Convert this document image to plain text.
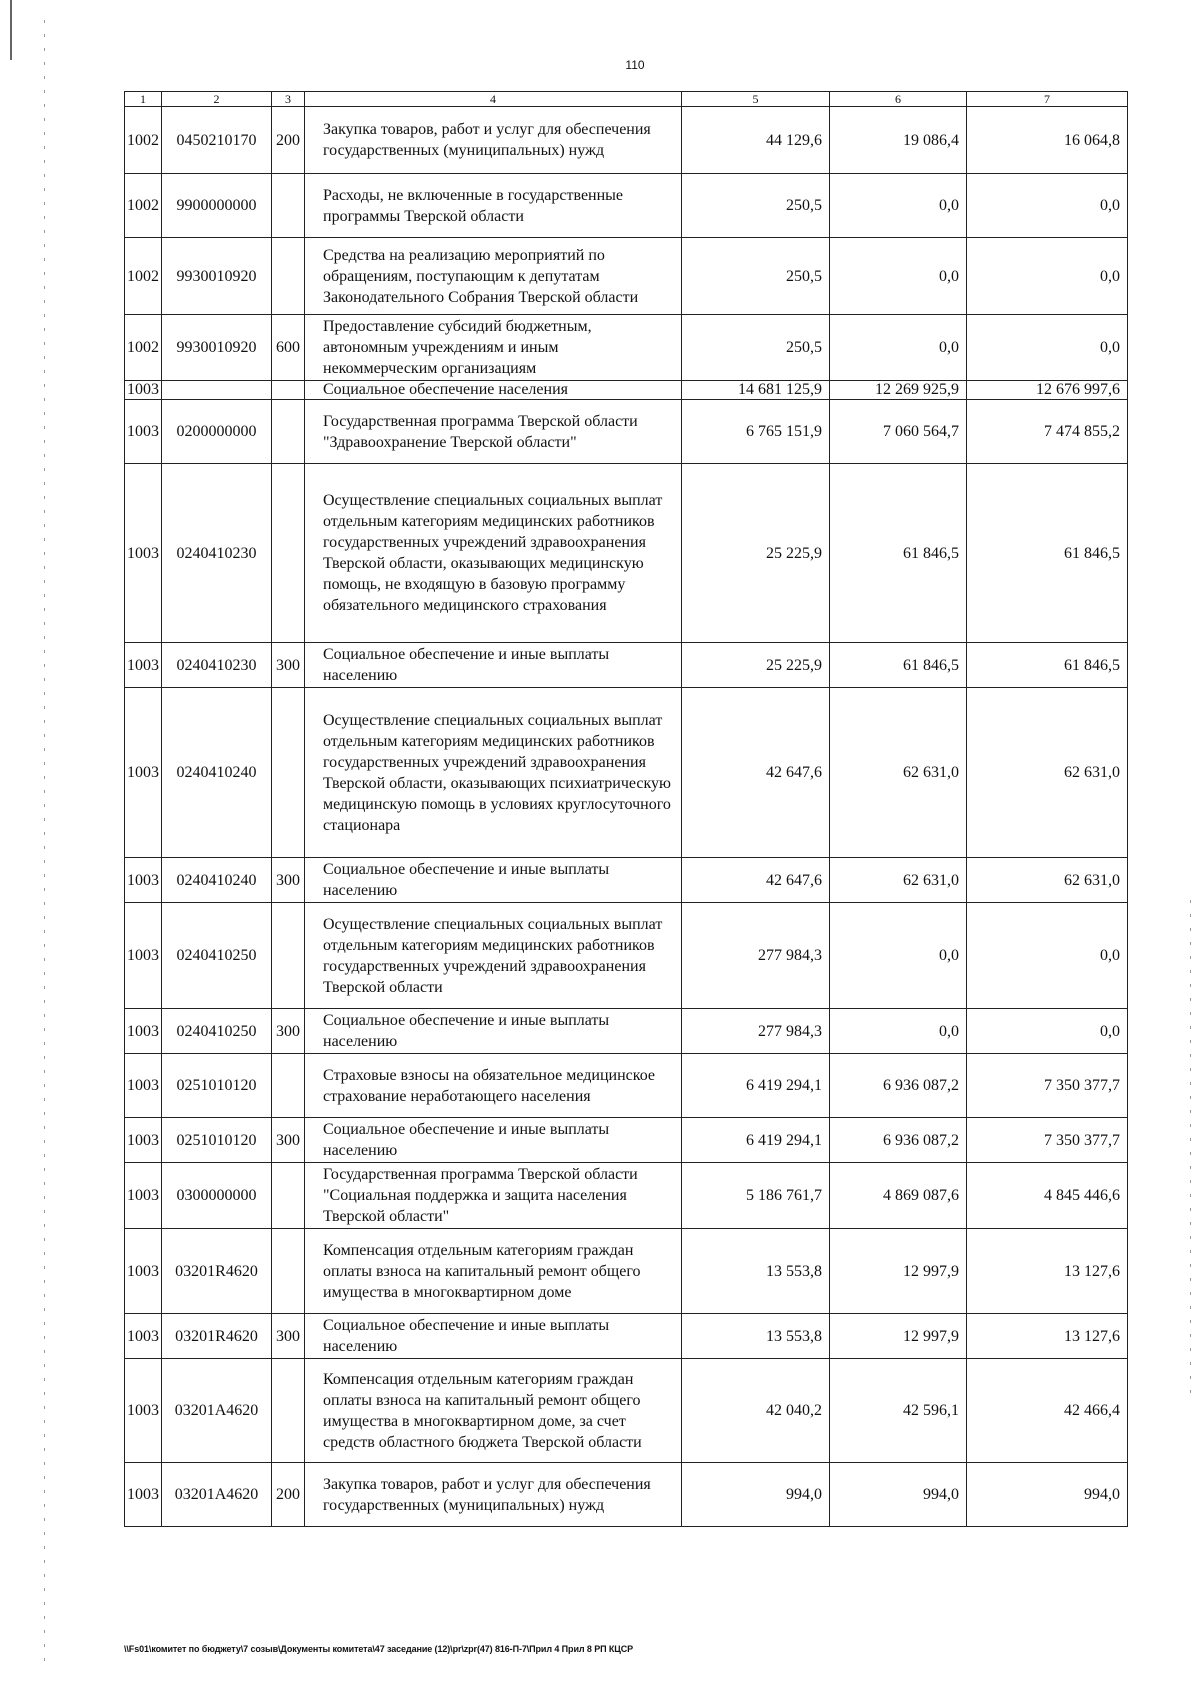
110
1	2	3	4	5	6	7
1002	0450210170	200	Закупка товаров, работ и услуг для обеспечения государственных (муниципальных) нужд	44 129,6	19 086,4	16 064,8
1002	9900000000		Расходы, не включенные в государственные программы Тверской области	250,5	0,0	0,0
1002	9930010920		Средства на реализацию мероприятий по обращениям, поступающим к депутатам Законодательного Собрания Тверской области	250,5	0,0	0,0
1002	9930010920	600	Предоставление субсидий бюджетным, автономным учреждениям и иным некоммерческим организациям	250,5	0,0	0,0
1003			Социальное обеспечение населения	14 681 125,9	12 269 925,9	12 676 997,6
1003	0200000000		Государственная программа Тверской области "Здравоохранение Тверской области"	6 765 151,9	7 060 564,7	7 474 855,2
1003	0240410230		Осуществление специальных социальных выплат отдельным категориям медицинских работников государственных учреждений здравоохранения Тверской области, оказывающих медицинскую помощь, не входящую в базовую программу обязательного медицинского страхования	25 225,9	61 846,5	61 846,5
1003	0240410230	300	Социальное обеспечение и иные выплаты населению	25 225,9	61 846,5	61 846,5
1003	0240410240		Осуществление специальных социальных выплат отдельным категориям медицинских работников государственных учреждений здравоохранения Тверской области, оказывающих психиатрическую медицинскую помощь в условиях круглосуточного стационара	42 647,6	62 631,0	62 631,0
1003	0240410240	300	Социальное обеспечение и иные выплаты населению	42 647,6	62 631,0	62 631,0
1003	0240410250		Осуществление специальных социальных выплат отдельным категориям медицинских работников государственных учреждений здравоохранения Тверской области	277 984,3	0,0	0,0
1003	0240410250	300	Социальное обеспечение и иные выплаты населению	277 984,3	0,0	0,0
1003	0251010120		Страховые взносы на обязательное медицинское страхование неработающего населения	6 419 294,1	6 936 087,2	7 350 377,7
1003	0251010120	300	Социальное обеспечение и иные выплаты населению	6 419 294,1	6 936 087,2	7 350 377,7
1003	0300000000		Государственная программа Тверской области "Социальная поддержка и защита населения Тверской области"	5 186 761,7	4 869 087,6	4 845 446,6
1003	03201R4620		Компенсация отдельным категориям граждан оплаты взноса на капитальный ремонт общего имущества в многоквартирном доме	13 553,8	12 997,9	13 127,6
1003	03201R4620	300	Социальное обеспечение и иные выплаты населению	13 553,8	12 997,9	13 127,6
1003	03201A4620		Компенсация отдельным категориям граждан оплаты взноса на капитальный ремонт общего имущества в многоквартирном доме, за счет средств областного бюджета Тверской области	42 040,2	42 596,1	42 466,4
1003	03201A4620	200	Закупка товаров, работ и услуг для обеспечения государственных (муниципальных) нужд	994,0	994,0	994,0
\\Fs01\комитет по бюджету\7 созыв\Документы комитета\47 заседание (12)\pr\zpr(47) 816-П-7\Прил 4 Прил 8 РП КЦСР
